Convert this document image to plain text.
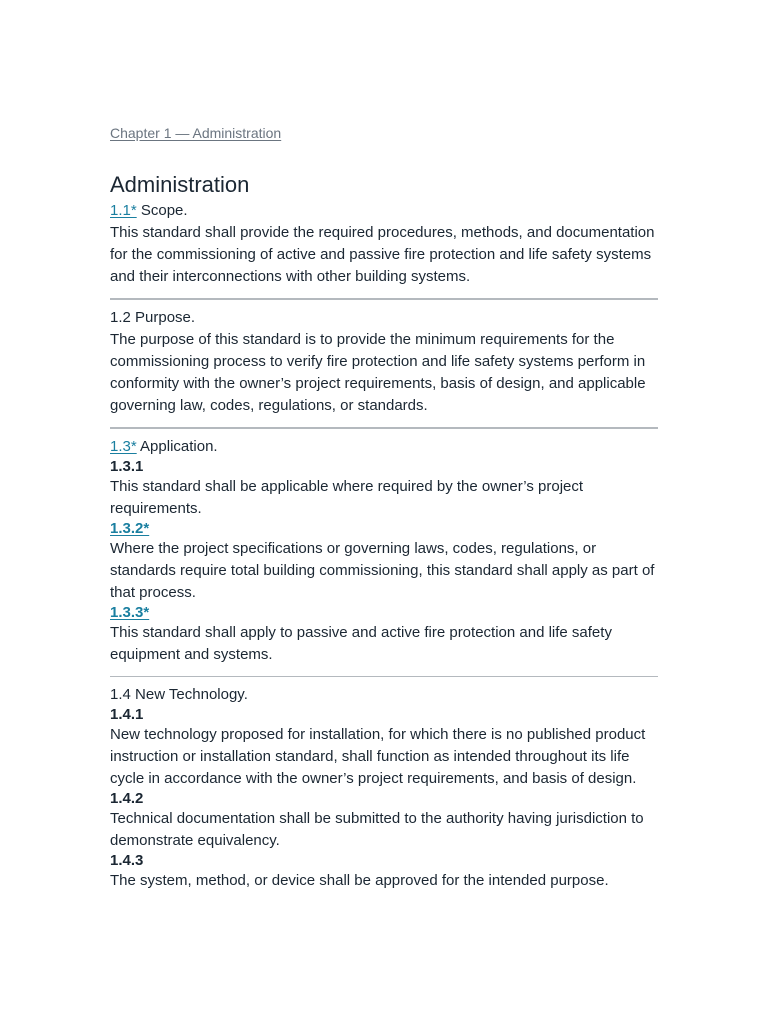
Chapter 1 — Administration
Administration

1.1* Scope.

This standard shall provide the required procedures, methods, and documentation for the commissioning of active and passive fire protection and life safety systems and their interconnections with other building systems.

1.2 Purpose.

The purpose of this standard is to provide the minimum requirements for the commissioning process to verify fire protection and life safety systems perform in conformity with the owner’s project requirements, basis of design, and applicable governing law, codes, regulations, or standards.

1.3* Application.

1.3.1

This standard shall be applicable where required by the owner’s project requirements.

1.3.2*

Where the project specifications or governing laws, codes, regulations, or standards require total building commissioning, this standard shall apply as part of that process.

1.3.3*

This standard shall apply to passive and active fire protection and life safety equipment and systems.

1.4 New Technology.

1.4.1

New technology proposed for installation, for which there is no published product instruction or installation standard, shall function as intended throughout its life cycle in accordance with the owner’s project requirements, and basis of design.

1.4.2

Technical documentation shall be submitted to the authority having jurisdiction to demonstrate equivalency.

1.4.3

The system, method, or device shall be approved for the intended purpose.
